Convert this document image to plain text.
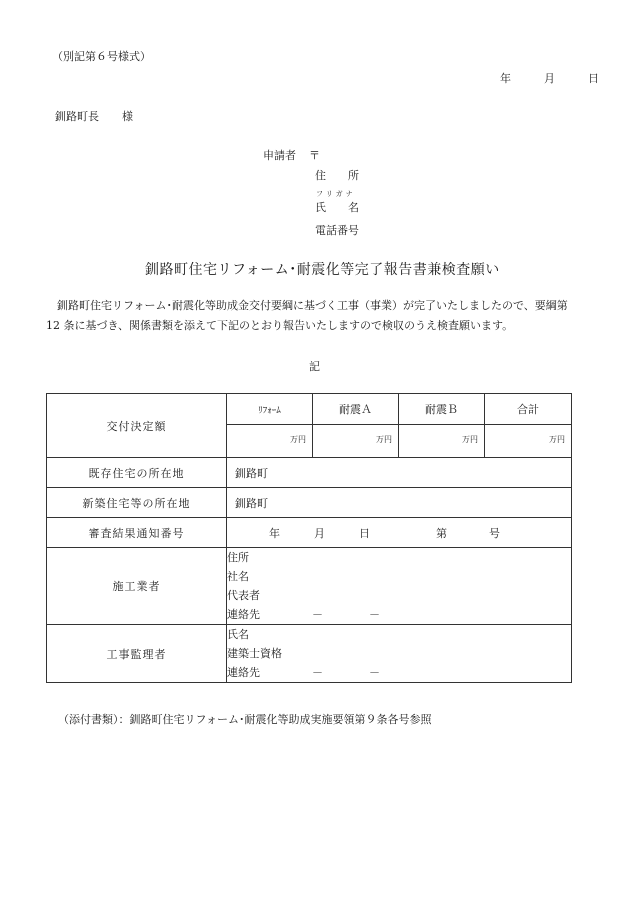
（別記第６号様式）
年	月	日
釧路町長 様
申請者 〒
住　　所
フリガナ
氏　　名
電話番号
釧路町住宅リフォーム･耐震化等完了報告書兼検査願い
釧路町住宅リフォーム･耐震化等助成金交付要綱に基づく工事（事業）が完了いたしましたので、要綱第12 条に基づき、関係書類を添えて下記のとおり報告いたしますので検収のうえ検査願います。
記
交付決定額	ﾘﾌｫｰﾑ	耐震Ａ	耐震Ｂ	合計
	万円	万円	万円	万円
既存住宅の所在地	釧路町			
新築住宅等の所在地	釧路町			
審査結果通知番号	年 月 日 第 号			
施工業者	住所
社名
代表者
連絡先 － －			

工事監理者	氏名
建築士資格
連絡先 － －			
（添付書類）：釧路町住宅リフォーム･耐震化等助成実施要領第９条各号参照
